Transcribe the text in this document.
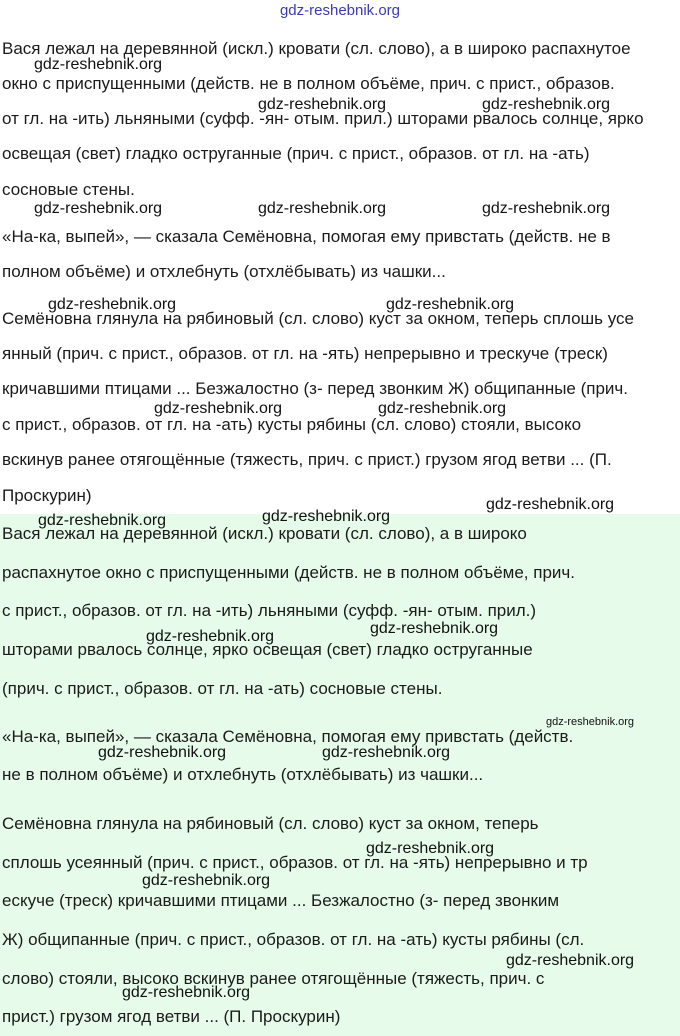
gdz-reshebnik.org
Вася лежал на деревянной (искл.) кровати (сл. слово), а в широко распахнутое
окно с приспущенными (действ. не в полном объёме, прич. с прист., образов.
от гл. на -ить) льняными (суфф. -ян- отым. прил.) шторами рвалось солнце, ярко
освещая (свет) гладко оструганные (прич. с прист., образов. от гл. на -ать)
сосновые стены.
«На-ка, выпей», — сказала Семёновна, помогая ему привстать (действ. не в
полном объёме) и отхлебнуть (отхлёбывать) из чашки...
Семёновна глянула на рябиновый (сл. слово) куст за окном, теперь сплошь усе
янный (прич. с прист., образов. от гл. на -ять) непрерывно и трескуче (треск)
кричавшими птицами ... Безжалостно (з- перед звонким Ж) общипанные (прич.
с прист., образов. от гл. на -ать) кусты рябины (сл. слово) стояли, высоко
вскинув ранее отягощённые (тяжесть, прич. с прист.) грузом ягод ветви ... (П.
Проскурин)
Вася лежал на деревянной (искл.) кровати (сл. слово), а в широко
распахнутое окно с приспущенными (действ. не в полном объёме, прич.
с прист., образов. от гл. на -ить) льняными (суфф. -ян- отым. прил.)
шторами рвалось солнце, ярко освещая (свет) гладко оструганные
(прич. с прист., образов. от гл. на -ать) сосновые стены.
«На-ка, выпей», — сказала Семёновна, помогая ему привстать (действ.
не в полном объёме) и отхлебнуть (отхлёбывать) из чашки...
Семёновна глянула на рябиновый (сл. слово) куст за окном, теперь
сплошь усеянный (прич. с прист., образов. от гл. на -ять) непрерывно и тр
ескуче (треск) кричавшими птицами ... Безжалостно (з- перед звонким
Ж) общипанные (прич. с прист., образов. от гл. на -ать) кусты рябины (сл.
слово) стояли, высоко вскинув ранее отягощённые (тяжесть, прич. с
прист.) грузом ягод ветви ... (П. Проскурин)
gdz-reshebnik.org
gdz-reshebnik.org	gdz-reshebnik.org
gdz-reshebnik.org	gdz-reshebnik.org	gdz-reshebnik.org
gdz-reshebnik.org	gdz-reshebnik.org
gdz-reshebnik.org	gdz-reshebnik.org
gdz-reshebnik.org
gdz-reshebnik.org	gdz-reshebnik.org
gdz-reshebnik.org	gdz-reshebnik.org
gdz-reshebnik.org
gdz-reshebnik.org	gdz-reshebnik.org
gdz-reshebnik.org
gdz-reshebnik.org
gdz-reshebnik.org
gdz-reshebnik.org
